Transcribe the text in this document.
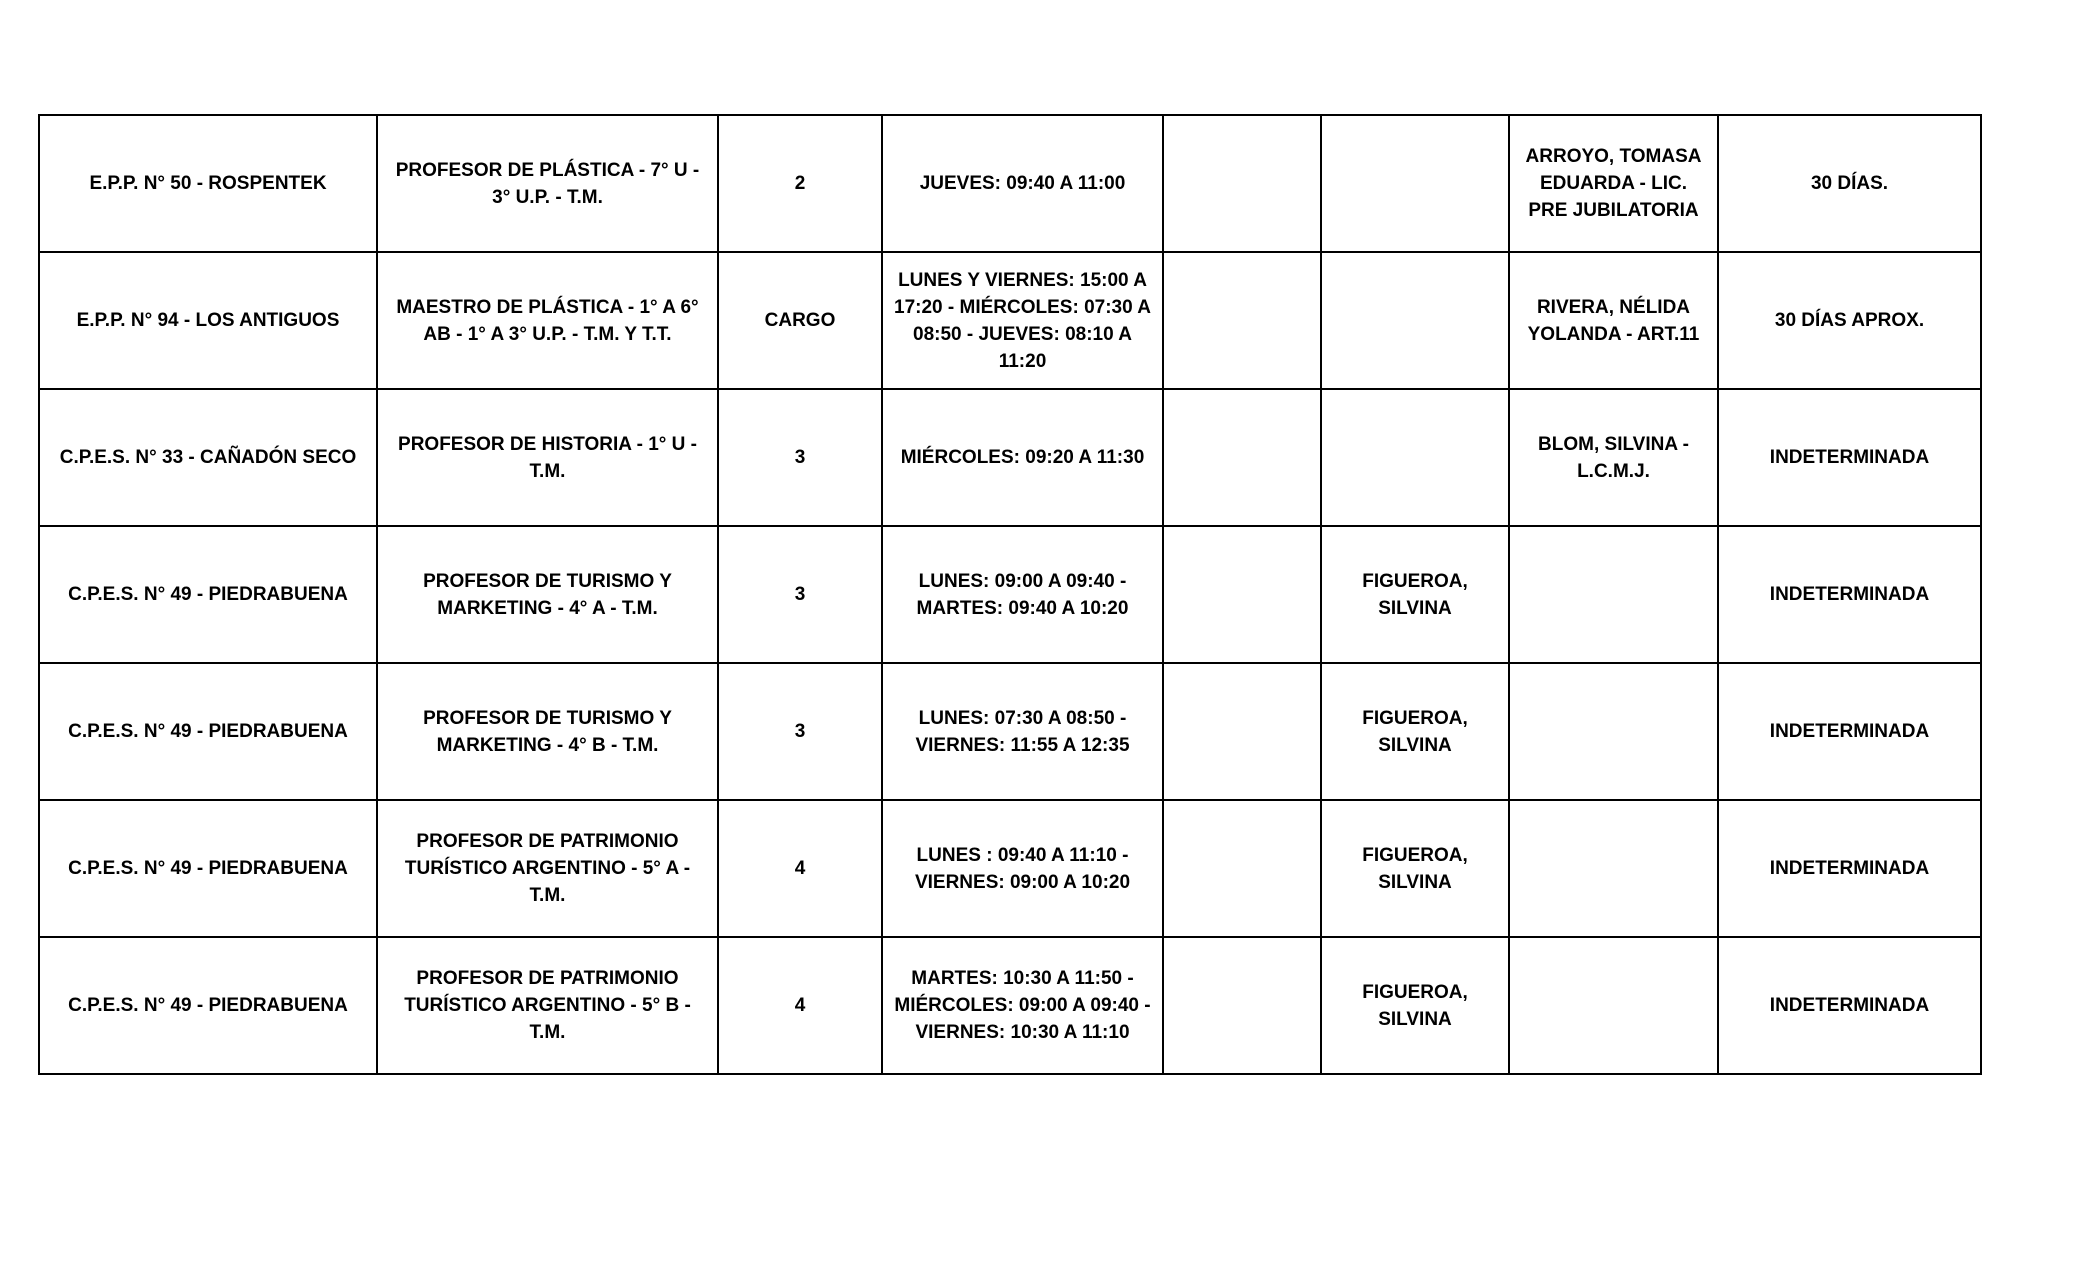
E.P.P. N° 50 - ROSPENTEK	PROFESOR DE PLÁSTICA - 7° U - 3° U.P. - T.M.	2	JUEVES: 09:40 A 11:00			ARROYO, TOMASA EDUARDA - LIC. PRE JUBILATORIA	30 DÍAS.
E.P.P. N° 94 - LOS ANTIGUOS	MAESTRO DE PLÁSTICA - 1° A 6° AB - 1° A 3° U.P. - T.M. Y T.T.	CARGO	LUNES Y VIERNES: 15:00 A 17:20 - MIÉRCOLES: 07:30 A 08:50 - JUEVES: 08:10 A 11:20			RIVERA, NÉLIDA YOLANDA - ART.11	30 DÍAS APROX.
C.P.E.S. N° 33 - CAÑADÓN SECO	PROFESOR DE HISTORIA - 1° U - T.M.	3	MIÉRCOLES: 09:20 A 11:30			BLOM, SILVINA - L.C.M.J.	INDETERMINADA
C.P.E.S. N° 49 - PIEDRABUENA	PROFESOR DE TURISMO Y MARKETING - 4° A - T.M.	3	LUNES: 09:00 A 09:40 - MARTES: 09:40 A 10:20		FIGUEROA, SILVINA		INDETERMINADA
C.P.E.S. N° 49 - PIEDRABUENA	PROFESOR DE TURISMO Y MARKETING - 4° B - T.M.	3	LUNES: 07:30 A 08:50 - VIERNES: 11:55 A 12:35		FIGUEROA, SILVINA		INDETERMINADA
C.P.E.S. N° 49 - PIEDRABUENA	PROFESOR DE PATRIMONIO TURÍSTICO ARGENTINO - 5° A - T.M.	4	LUNES : 09:40 A 11:10 - VIERNES: 09:00 A 10:20		FIGUEROA, SILVINA		INDETERMINADA
C.P.E.S. N° 49 - PIEDRABUENA	PROFESOR DE PATRIMONIO TURÍSTICO ARGENTINO - 5° B - T.M.	4	MARTES: 10:30 A 11:50 - MIÉRCOLES: 09:00 A 09:40 - VIERNES: 10:30 A 11:10		FIGUEROA, SILVINA		INDETERMINADA
